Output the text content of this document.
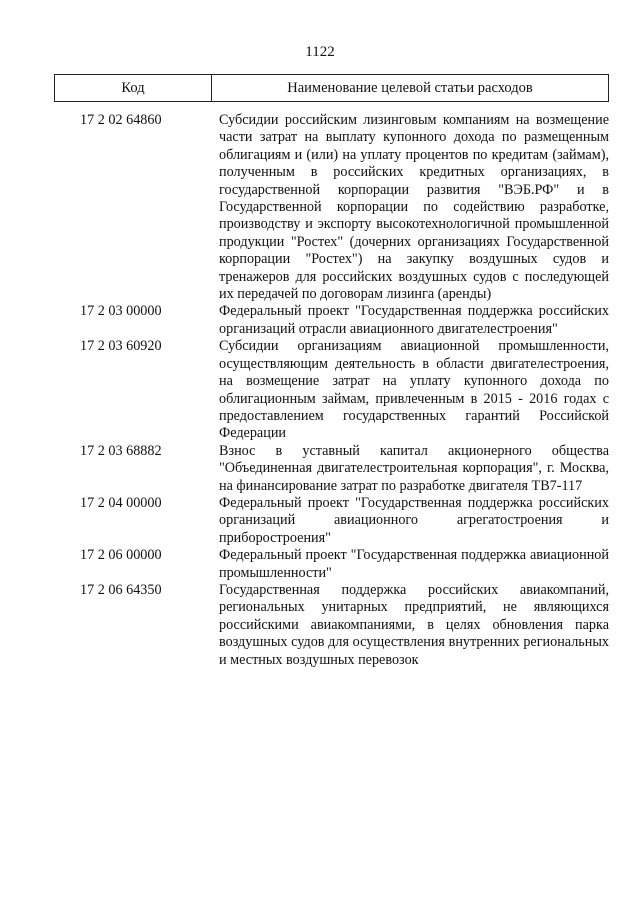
1122
Код	Наименование целевой статьи расходов
17 2 02 64860	Субсидии российским лизинговым компаниям на возмещение части затрат на выплату купонного дохода по размещенным облигациям и (или) на уплату процентов по кредитам (займам), полученным в российских кредитных организациях, в государственной корпорации развития "ВЭБ.РФ" и в Государственной корпорации по содействию разработке, производству и экспорту высокотехнологичной промышленной продукции "Ростех" (дочерних организациях Государственной корпорации "Ростех") на закупку воздушных судов и тренажеров для российских воздушных судов с последующей их передачей по договорам лизинга (аренды)
17 2 03 00000	Федеральный проект "Государственная поддержка российских организаций отрасли авиационного двигателестроения"
17 2 03 60920	Субсидии организациям авиационной промышленности, осуществляющим деятельность в области двигателестроения, на возмещение затрат на уплату купонного дохода по облигационным займам, привлеченным в 2015 - 2016 годах с предоставлением государственных гарантий Российской Федерации
17 2 03 68882	Взнос в уставный капитал акционерного общества "Объединенная двигателестроительная корпорация", г. Москва, на финансирование затрат по разработке двигателя ТВ7-117
17 2 04 00000	Федеральный проект "Государственная поддержка российских организаций авиационного агрегатостроения и приборостроения"
17 2 06 00000	Федеральный проект "Государственная поддержка авиационной промышленности"
17 2 06 64350	Государственная поддержка российских авиакомпаний, региональных унитарных предприятий, не являющихся российскими авиакомпаниями, в целях обновления парка воздушных судов для осуществления внутренних региональных и местных воздушных перевозок
